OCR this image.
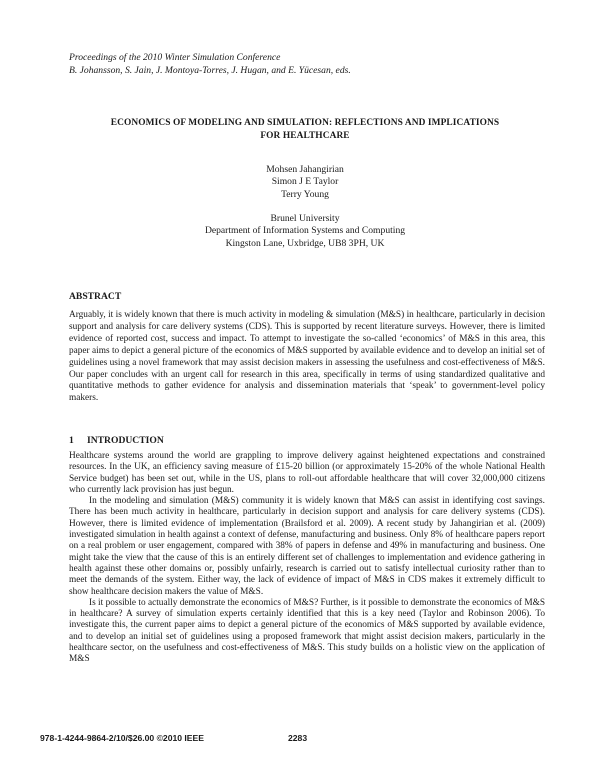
Proceedings of the 2010 Winter Simulation Conference
B. Johansson, S. Jain, J. Montoya-Torres, J. Hugan, and E. Yücesan, eds.
ECONOMICS OF MODELING AND SIMULATION: REFLECTIONS AND IMPLICATIONS
FOR HEALTHCARE
Mohsen Jahangirian
Simon J E Taylor
Terry Young
Brunel University
Department of Information Systems and Computing
Kingston Lane, Uxbridge, UB8 3PH, UK
ABSTRACT
Arguably, it is widely known that there is much activity in modeling & simulation (M&S) in healthcare, particularly in decision support and analysis for care delivery systems (CDS). This is supported by recent literature surveys. However, there is limited evidence of reported cost, success and impact. To attempt to investigate the so-called ‘economics’ of M&S in this area, this paper aims to depict a general picture of the economics of M&S supported by available evidence and to develop an initial set of guidelines using a novel framework that may assist decision makers in assessing the usefulness and cost-effectiveness of M&S. Our paper concludes with an urgent call for research in this area, specifically in terms of using standardized qualitative and quantitative methods to gather evidence for analysis and dissemination materials that ‘speak’ to government-level policy makers.
1 INTRODUCTION

Healthcare systems around the world are grappling to improve delivery against heightened expectations and constrained resources. In the UK, an efficiency saving measure of £15-20 billion (or approximately 15-20% of the whole National Health Service budget) has been set out, while in the US, plans to roll-out affordable healthcare that will cover 32,000,000 citizens who currently lack provision has just begun.

In the modeling and simulation (M&S) community it is widely known that M&S can assist in identifying cost savings. There has been much activity in healthcare, particularly in decision support and analysis for care delivery systems (CDS). However, there is limited evidence of implementation (Brailsford et al. 2009). A recent study by Jahangirian et al. (2009) investigated simulation in health against a context of defense, manufacturing and business. Only 8% of healthcare papers report on a real problem or user engagement, compared with 38% of papers in defense and 49% in manufacturing and business. One might take the view that the cause of this is an entirely different set of challenges to implementation and evidence gathering in health against these other domains or, possibly unfairly, research is carried out to satisfy intellectual curiosity rather than to meet the demands of the system. Either way, the lack of evidence of impact of M&S in CDS makes it extremely difficult to show healthcare decision makers the value of M&S.

Is it possible to actually demonstrate the economics of M&S? Further, is it possible to demonstrate the economics of M&S in healthcare? A survey of simulation experts certainly identified that this is a key need (Taylor and Robinson 2006). To investigate this, the current paper aims to depict a general picture of the economics of M&S supported by available evidence, and to develop an initial set of guidelines using a proposed framework that might assist decision makers, particularly in the healthcare sector, on the usefulness and cost-effectiveness of M&S. This study builds on a holistic view on the application of M&S

978-1-4244-9864-2/10/$26.00 ©2010 IEEE	2283
